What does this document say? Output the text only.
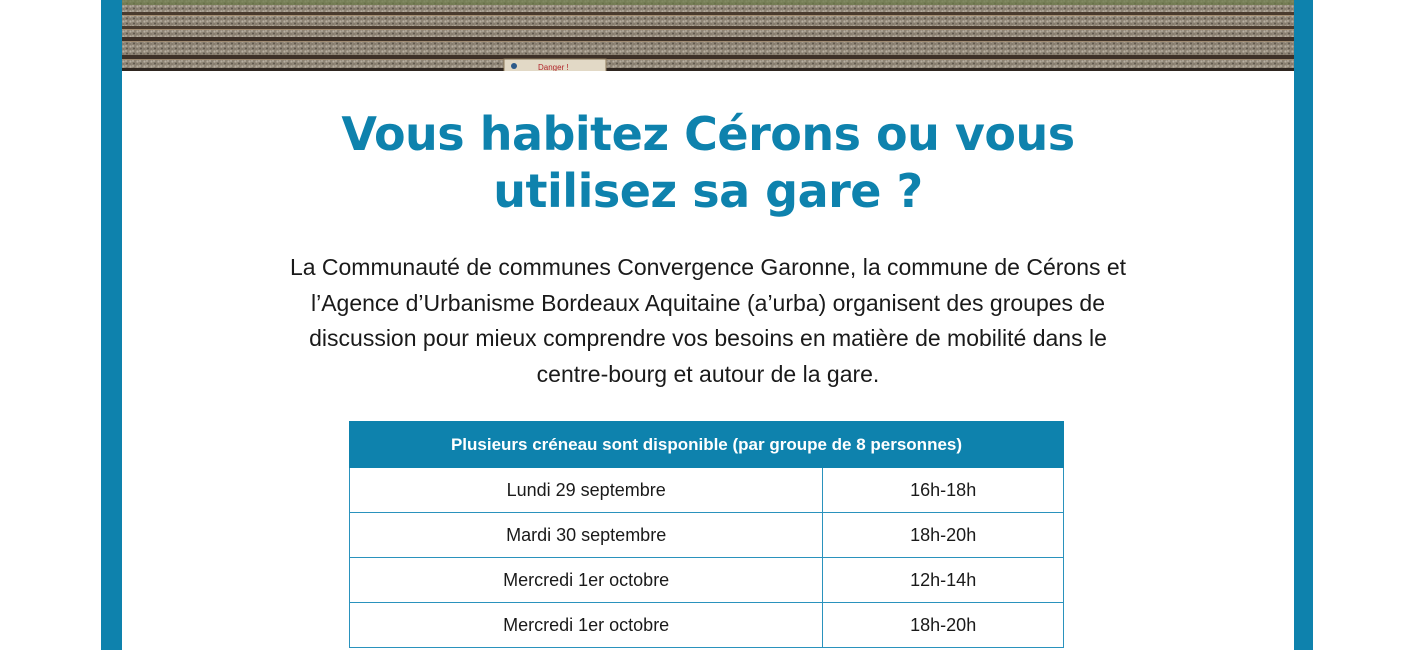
Danger !
Vous habitez Cérons ou vous
utilisez sa gare ?

La Communauté de communes Convergence Garonne, la commune de Cérons et
l’Agence d’Urbanisme Bordeaux Aquitaine (a’urba) organisent des groupes de
discussion pour mieux comprendre vos besoins en matière de mobilité dans le
centre-bourg et autour de la gare.

Plusieurs créneau sont disponible (par groupe de 8 personnes)	
Lundi 29 septembre	16h-18h
Mardi 30 septembre	18h-20h
Mercredi 1er octobre	12h-14h
Mercredi 1er octobre	18h-20h
